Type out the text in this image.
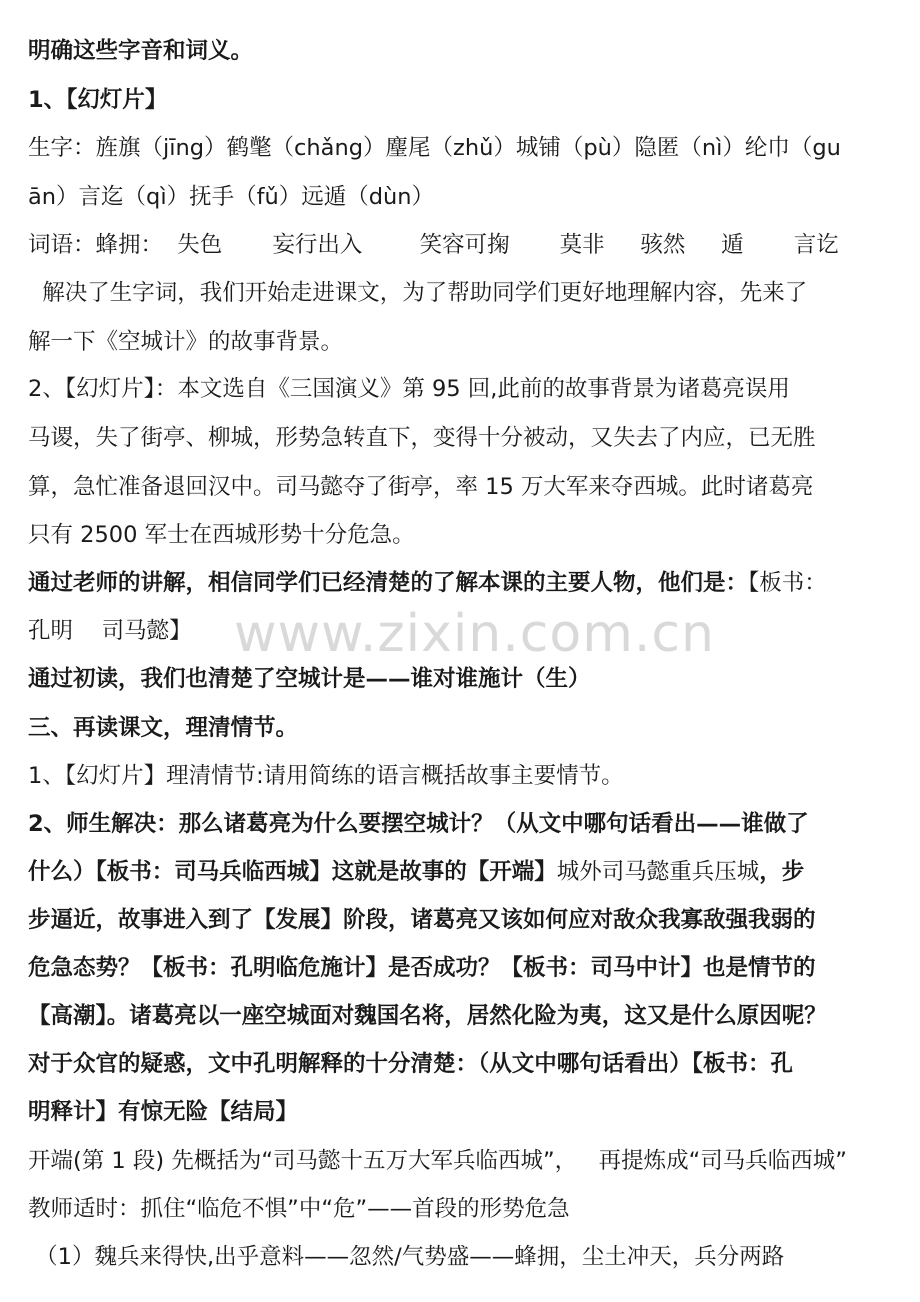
明确这些字音和词义。
1、【幻灯片】
生字：旌旗（jīng）鹤氅（chǎng）麈尾（zhǔ）城铺（pù）隐匿（nì）纶巾（gu
ān）言迄（qì）抚手（fǔ）远遁（dùn）
词语：蜂拥：  失色       妄行出入        笑容可掬       莫非     骇然     遁       言讫
解决了生字词，我们开始走进课文，为了帮助同学们更好地理解内容，先来了
解一下《空城计》的故事背景。
2、【幻灯片】：本文选自《三国演义》第 95 回,此前的故事背景为诸葛亮误用
马谡，失了街亭、柳城，形势急转直下，变得十分被动，又失去了内应，已无胜
算，急忙准备退回汉中。司马懿夺了街亭，率 15 万大军来夺西城。此时诸葛亮
只有 2500 军士在西城形势十分危急。
通过老师的讲解，相信同学们已经清楚的了解本课的主要人物，他们是：【板书：
孔明    司马懿】
通过初读，我们也清楚了空城计是——谁对谁施计（生）
三、再读课文，理清情节。
1、【幻灯片】理清情节:请用简练的语言概括故事主要情节。
2、师生解决：那么诸葛亮为什么要摆空城计？（从文中哪句话看出——谁做了
什么）【板书：司马兵临西城】这就是故事的【开端】城外司马懿重兵压城，步
步逼近，故事进入到了【发展】阶段，诸葛亮又该如何应对敌众我寡敌强我弱的
危急态势？【板书：孔明临危施计】是否成功？【板书：司马中计】也是情节的
【高潮】。诸葛亮以一座空城面对魏国名将，居然化险为夷，这又是什么原因呢？
对于众官的疑惑，文中孔明解释的十分清楚：（从文中哪句话看出）【板书：孔
明释计】有惊无险【结局】
开端(第 1 段) 先概括为“司马懿十五万大军兵临西城”，   再提炼成“司马兵临西城”
教师适时：抓住“临危不惧”中“危”——首段的形势危急
（1）魏兵来得快,出乎意料——忽然/气势盛——蜂拥，尘土冲天，兵分两路
www.zixin.com.cn
